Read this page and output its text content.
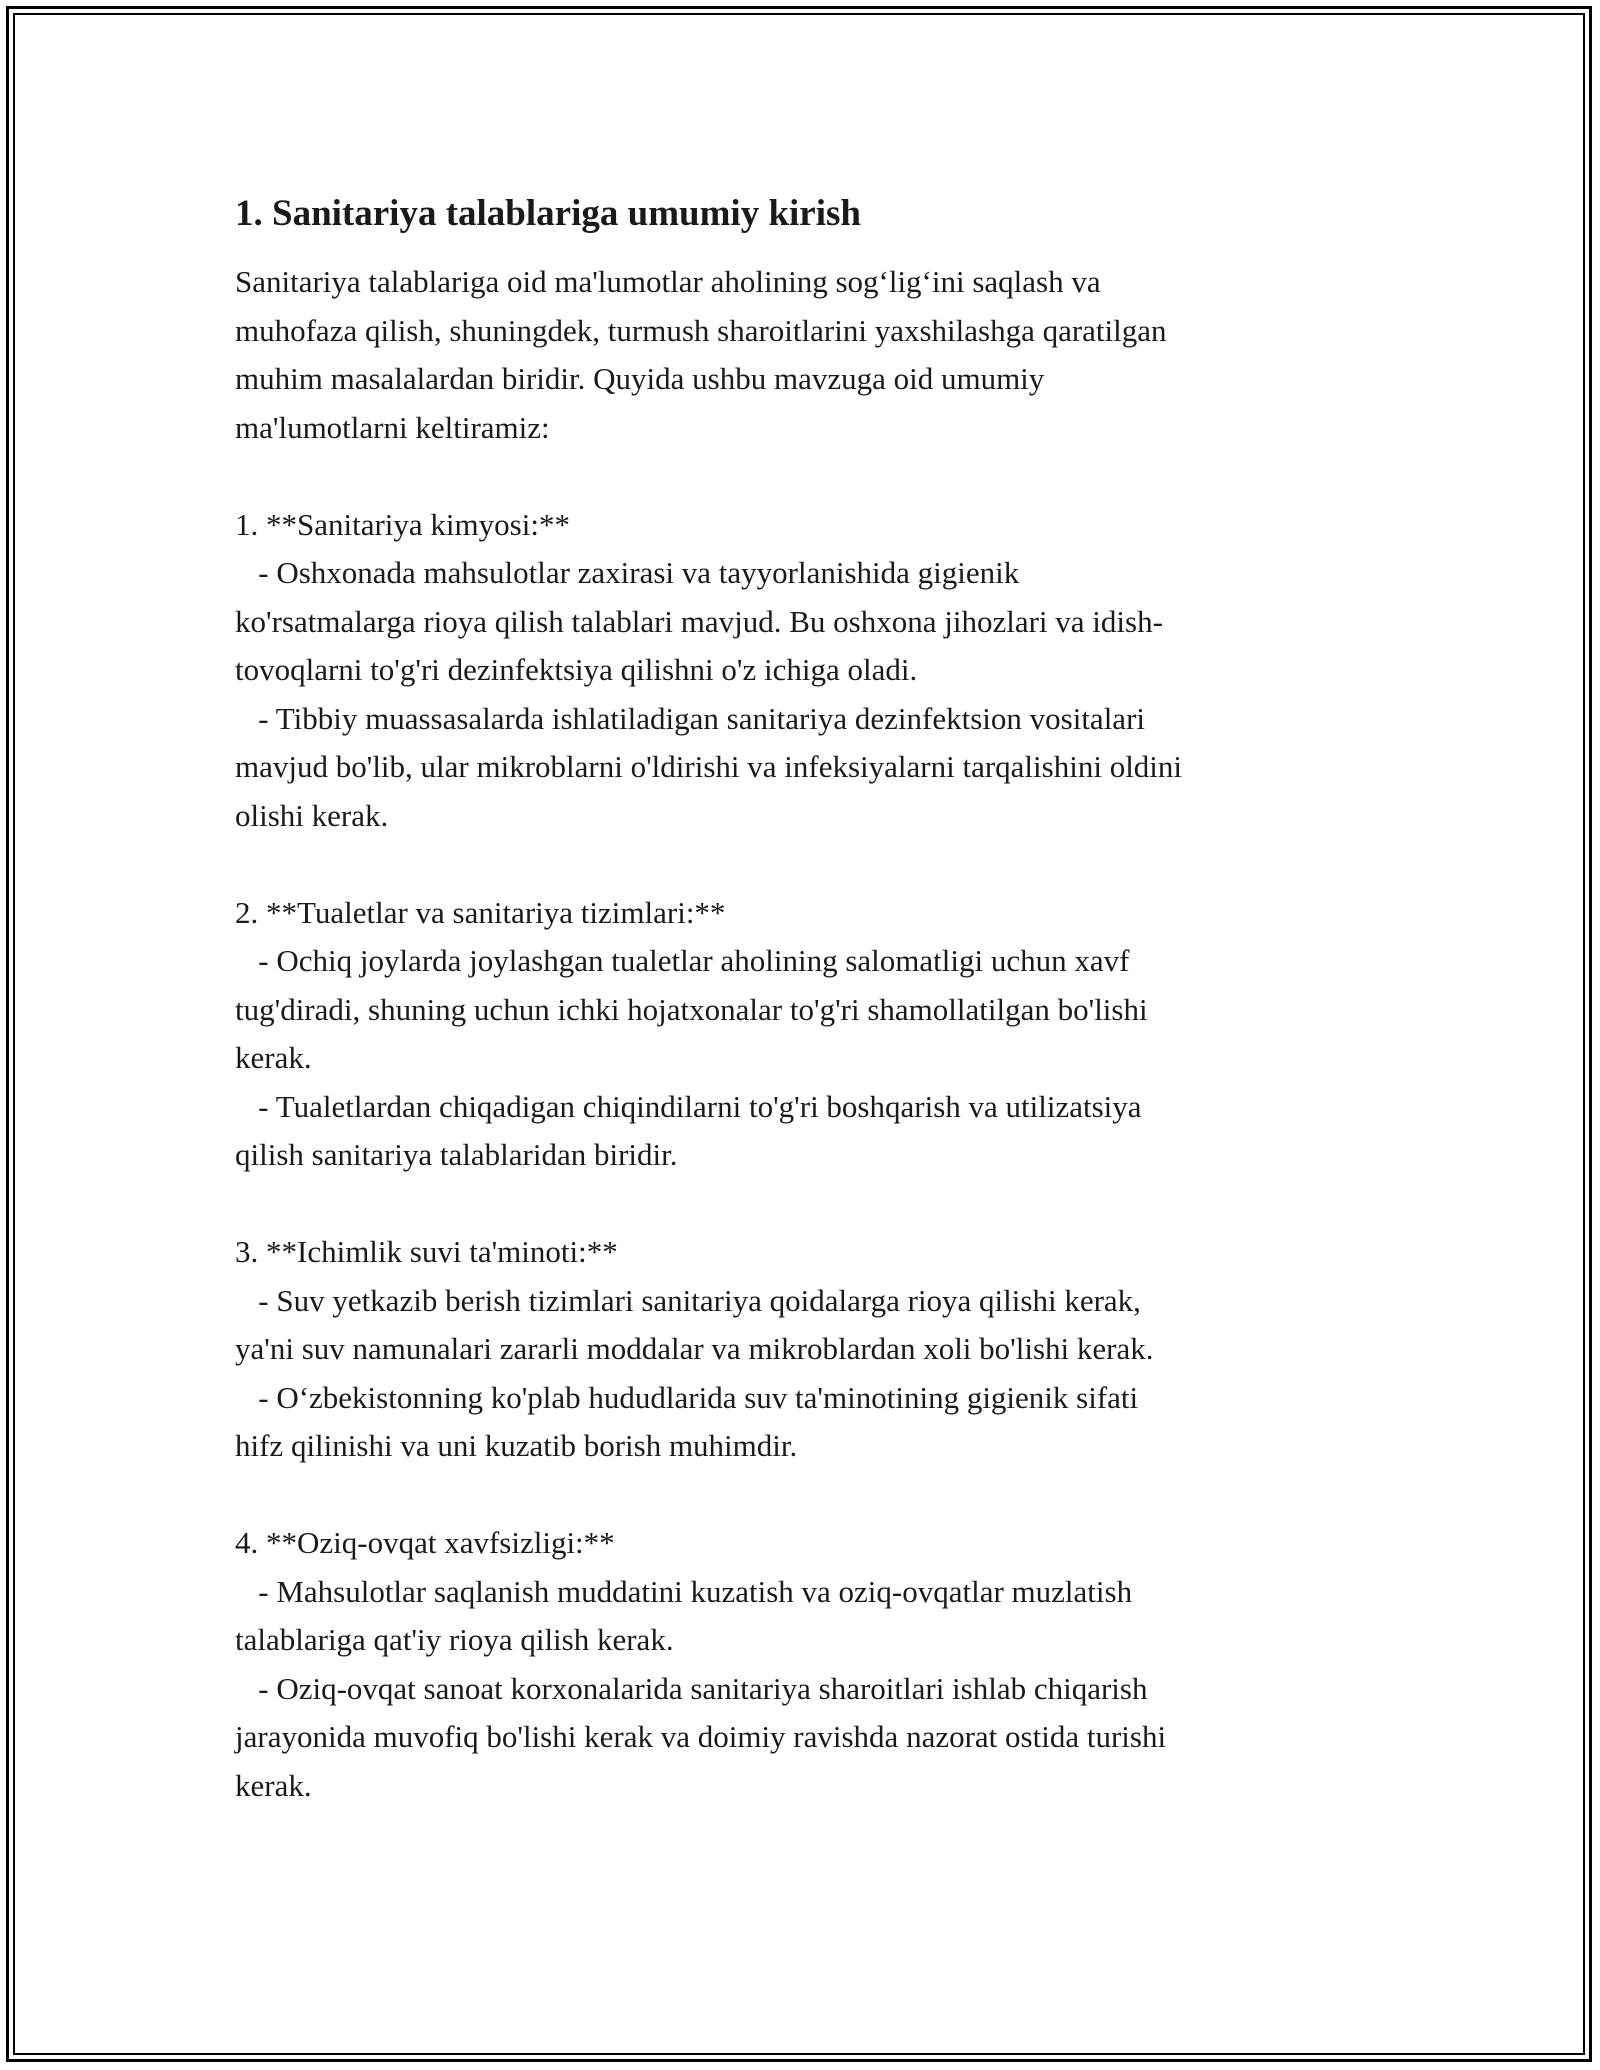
1. Sanitariya talablariga umumiy kirish

Sanitariya talablariga oid ma'lumotlar aholining sog‘lig‘ini saqlash va

muhofaza qilish, shuningdek, turmush sharoitlarini yaxshilashga qaratilgan

muhim masalalardan biridir. Quyida ushbu mavzuga oid umumiy

ma'lumotlarni keltiramiz:

1. **Sanitariya kimyosi:**

- Oshxonada mahsulotlar zaxirasi va tayyorlanishida gigienik

ko'rsatmalarga rioya qilish talablari mavjud. Bu oshxona jihozlari va idish-

tovoqlarni to'g'ri dezinfektsiya qilishni o'z ichiga oladi.

- Tibbiy muassasalarda ishlatiladigan sanitariya dezinfektsion vositalari

mavjud bo'lib, ular mikroblarni o'ldirishi va infeksiyalarni tarqalishini oldini

olishi kerak.

2. **Tualetlar va sanitariya tizimlari:**

- Ochiq joylarda joylashgan tualetlar aholining salomatligi uchun xavf

tug'diradi, shuning uchun ichki hojatxonalar to'g'ri shamollatilgan bo'lishi

kerak.

- Tualetlardan chiqadigan chiqindilarni to'g'ri boshqarish va utilizatsiya

qilish sanitariya talablaridan biridir.

3. **Ichimlik suvi ta'minoti:**

- Suv yetkazib berish tizimlari sanitariya qoidalarga rioya qilishi kerak,

ya'ni suv namunalari zararli moddalar va mikroblardan xoli bo'lishi kerak.

- O‘zbekistonning ko'plab hududlarida suv ta'minotining gigienik sifati

hifz qilinishi va uni kuzatib borish muhimdir.

4. **Oziq-ovqat xavfsizligi:**

- Mahsulotlar saqlanish muddatini kuzatish va oziq-ovqatlar muzlatish

talablariga qat'iy rioya qilish kerak.

- Oziq-ovqat sanoat korxonalarida sanitariya sharoitlari ishlab chiqarish

jarayonida muvofiq bo'lishi kerak va doimiy ravishda nazorat ostida turishi

kerak.
